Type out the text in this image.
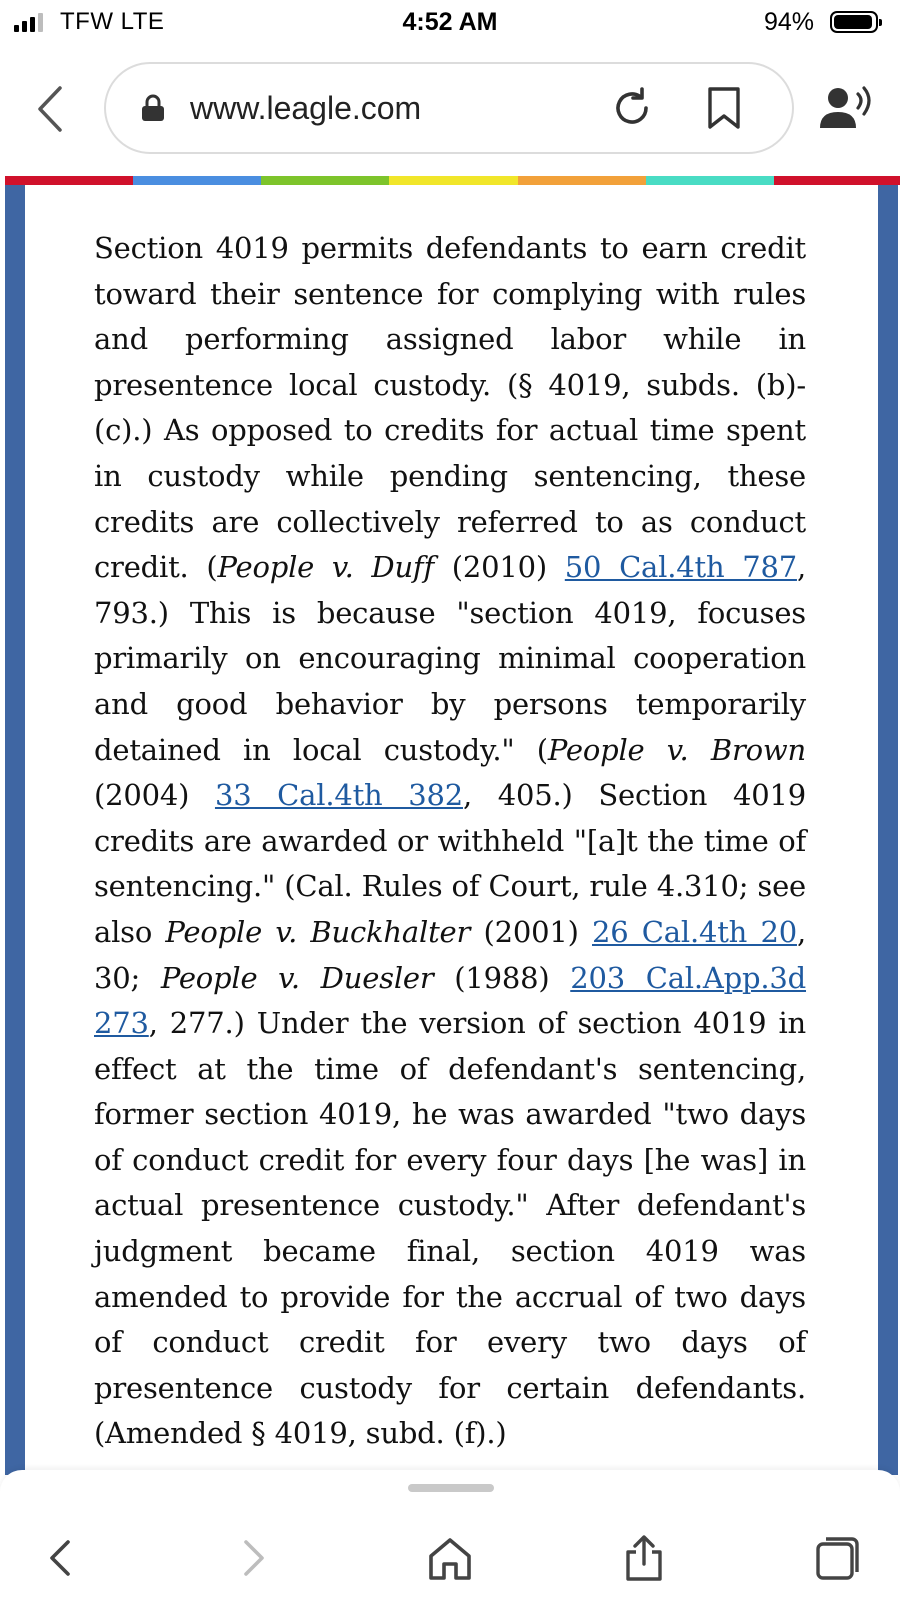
TFW LTE	4:52 AM	94%
www.leagle.com
Section 4019 permits defendants to earn credit toward their sentence for complying with rules and performing assigned labor while in presentence local custody. (§ 4019, subds. (b)-(c).) As opposed to credits for actual time spent in custody while pending sentencing, these credits are collectively referred to as conduct credit. (People v. Duff (2010) 50 Cal.4th 787, 793.) This is because "section 4019, focuses primarily on encouraging minimal cooperation and good behavior by persons temporarily detained in local custody." (People v. Brown (2004) 33 Cal.4th 382, 405.) Section 4019 credits are awarded or withheld "[a]t the time of sentencing." (Cal. Rules of Court, rule 4.310; see also People v. Buckhalter (2001) 26 Cal.4th 20, 30; People v. Duesler (1988) 203 Cal.App.3d 273, 277.) Under the version of section 4019 in effect at the time of defendant's sentencing, former section 4019, he was awarded "two days of conduct credit for every four days [he was] in actual presentence custody." After defendant's judgment became final, section 4019 was amended to provide for the accrual of two days of conduct credit for every two days of presentence custody for certain defendants. (Amended § 4019, subd. (f).)
